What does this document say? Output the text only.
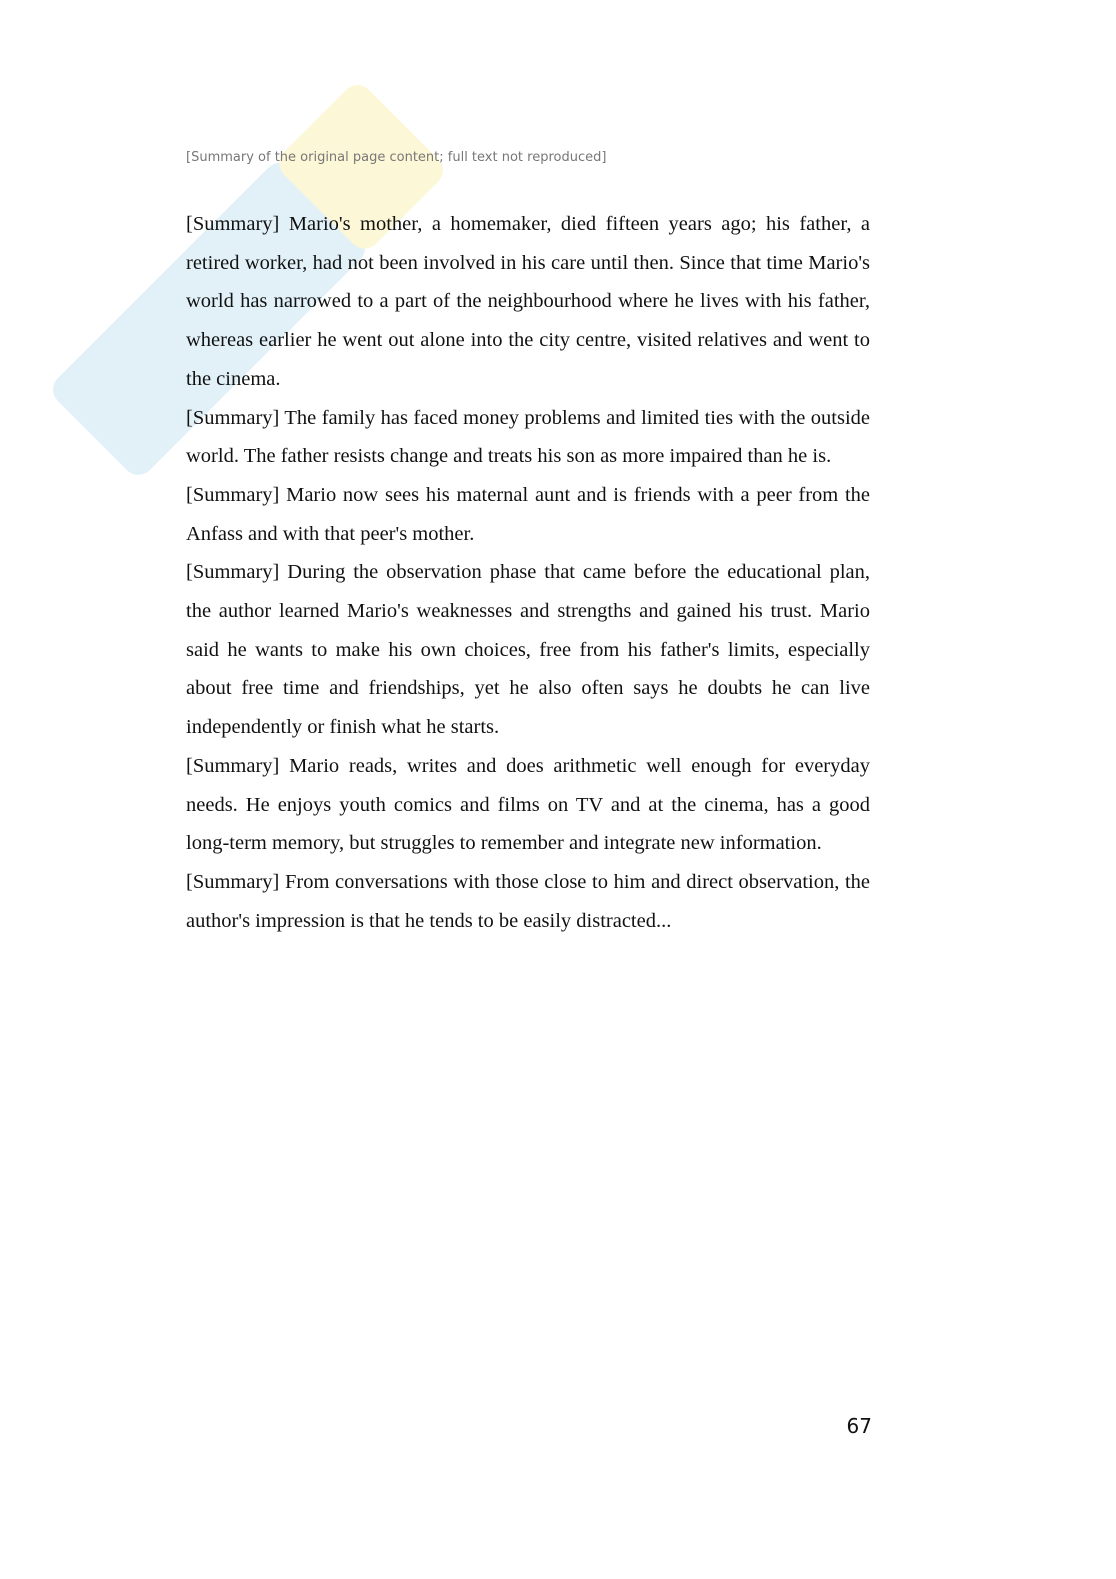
[Summary of the original page content; full text not reproduced]

[Summary] Mario's mother, a homemaker, died fifteen years ago; his father, a retired worker, had not been involved in his care until then. Since that time Mario's world has narrowed to a part of the neighbourhood where he lives with his father, whereas earlier he went out alone into the city centre, visited relatives and went to the cinema.

[Summary] The family has faced money problems and limited ties with the outside world. The father resists change and treats his son as more impaired than he is.

[Summary] Mario now sees his maternal aunt and is friends with a peer from the Anfass and with that peer's mother.

[Summary] During the observation phase that came before the educational plan, the author learned Mario's weaknesses and strengths and gained his trust. Mario said he wants to make his own choices, free from his father's limits, especially about free time and friendships, yet he also often says he doubts he can live independently or finish what he starts.

[Summary] Mario reads, writes and does arithmetic well enough for everyday needs. He enjoys youth comics and films on TV and at the cinema, has a good long-term memory, but struggles to remember and integrate new information.

[Summary] From conversations with those close to him and direct observation, the author's impression is that he tends to be easily distracted...

67
